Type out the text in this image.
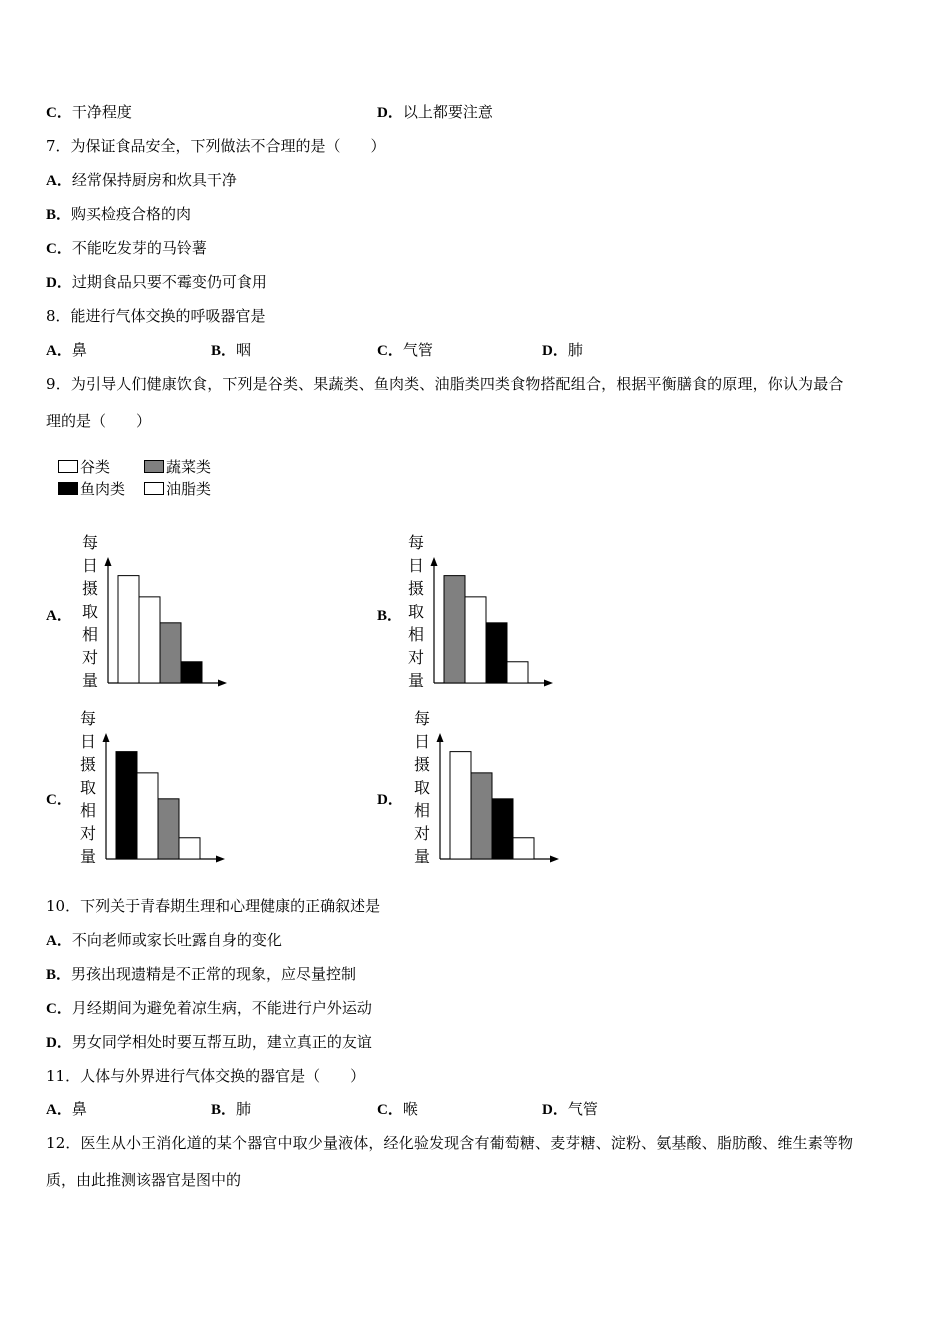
C．干净程度	D．以上都要注意
7．为保证食品安全，下列做法不合理的是（　　）
A．经常保持厨房和炊具干净
B．购买检疫合格的肉
C．不能吃发芽的马铃薯
D．过期食品只要不霉变仍可食用
8．能进行气体交换的呼吸器官是
A．鼻	B．咽	C．气管	D．肺
9．为引导人们健康饮食，下列是谷类、果蔬类、鱼肉类、油脂类四类食物搭配组合，根据平衡膳食的原理，你认为最合
理的是（　　）
谷类	蔬菜类
鱼肉类	油脂类
A．
每
日
摄
取
相
对
量
B．
每
日
摄
取
相
对
量
C．
每
日
摄
取
相
对
量
D．
每
日
摄
取
相
对
量
10．下列关于青春期生理和心理健康的正确叙述是
A．不向老师或家长吐露自身的变化
B．男孩出现遗精是不正常的现象，应尽量控制
C．月经期间为避免着凉生病，不能进行户外运动
D．男女同学相处时要互帮互助，建立真正的友谊
11．人体与外界进行气体交换的器官是（　　）
A．鼻	B．肺	C．喉	D．气管
12．医生从小王消化道的某个器官中取少量液体，经化验发现含有葡萄糖、麦芽糖、淀粉、氨基酸、脂肪酸、维生素等物
质，由此推测该器官是图中的
